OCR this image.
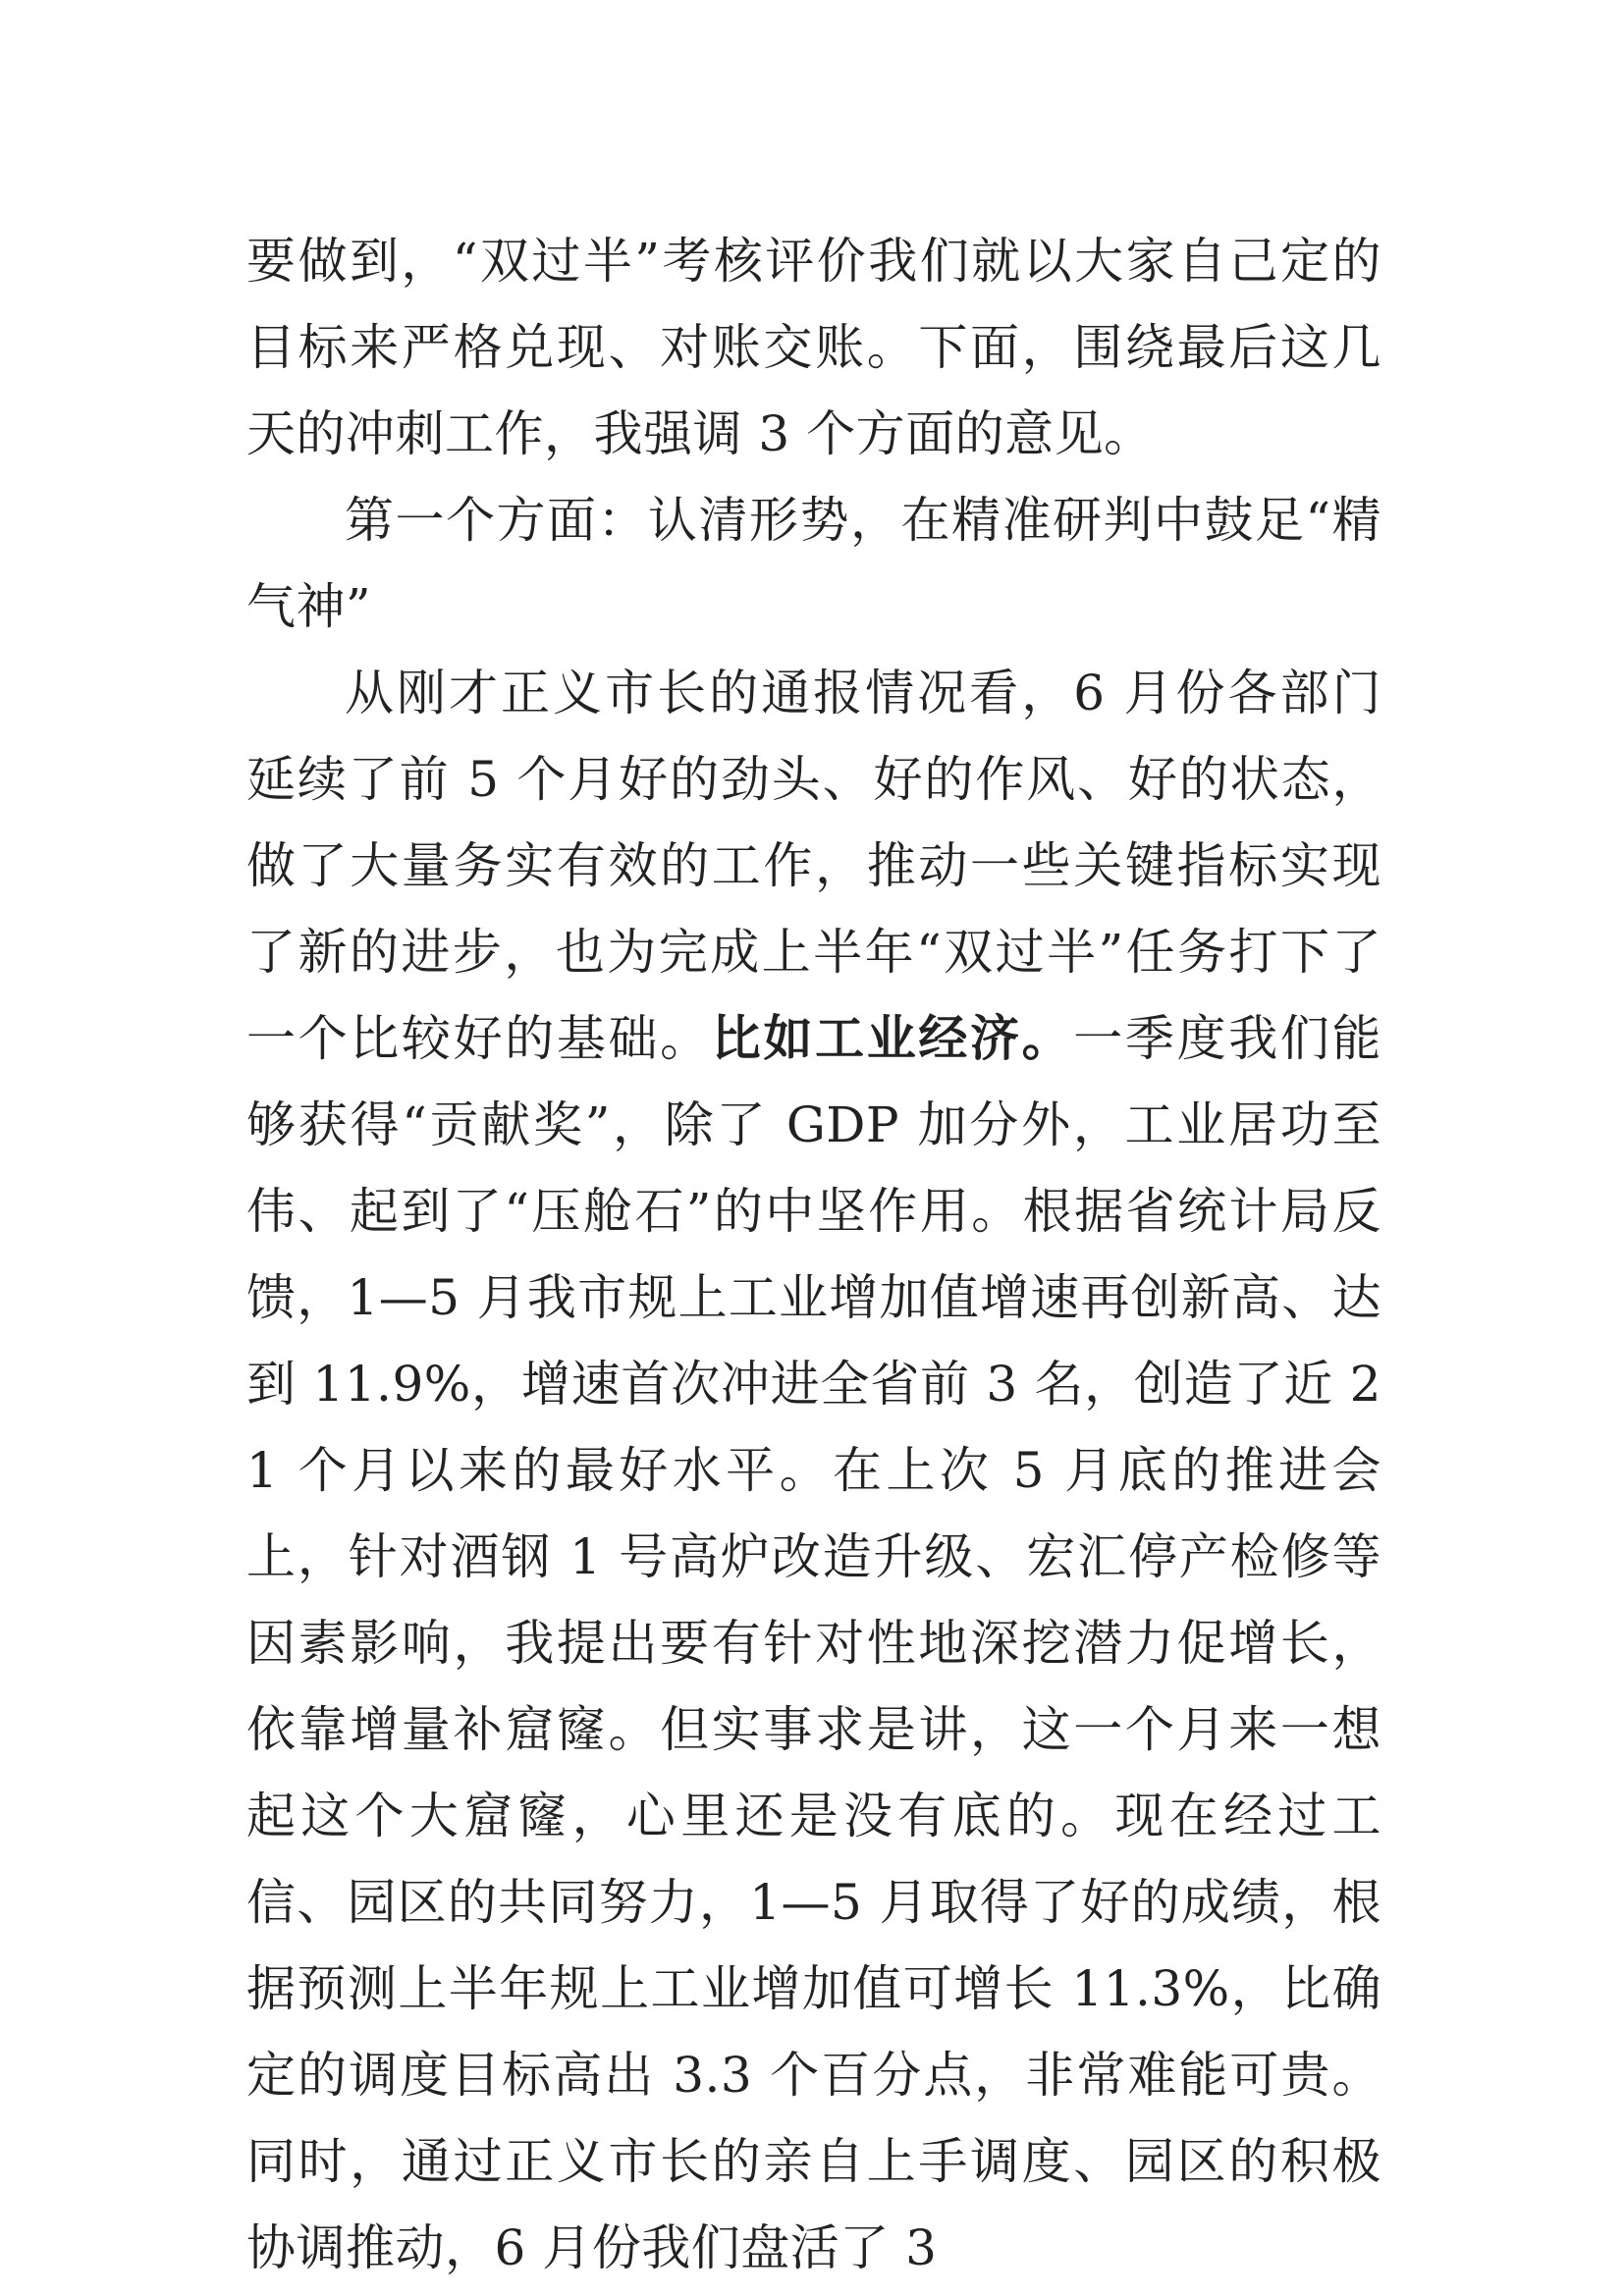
要做到，“双过半”考核评价我们就以大家自己定的目标来严格兑现、对账交账。下面，围绕最后这几天的冲刺工作，我强调 3 个方面的意见。

第一个方面：认清形势，在精准研判中鼓足“精气神”

从刚才正义市长的通报情况看，6 月份各部门延续了前 5 个月好的劲头、好的作风、好的状态，做了大量务实有效的工作，推动一些关键指标实现了新的进步，也为完成上半年“双过半”任务打下了一个比较好的基础。比如工业经济。一季度我们能够获得“贡献奖”，除了 GDP 加分外，工业居功至伟、起到了“压舱石”的中坚作用。根据省统计局反馈，1—5 月我市规上工业增加值增速再创新高、达到 11.9%，增速首次冲进全省前 3 名，创造了近 21 个月以来的最好水平。在上次 5 月底的推进会上，针对酒钢 1 号高炉改造升级、宏汇停产检修等因素影响，我提出要有针对性地深挖潜力促增长，依靠增量补窟窿。但实事求是讲，这一个月来一想起这个大窟窿，心里还是没有底的。现在经过工信、园区的共同努力，1—5 月取得了好的成绩，根据预测上半年规上工业增加值可增长 11.3%，比确定的调度目标高出 3.3 个百分点，非常难能可贵。同时，通过正义市长的亲自上手调度、园区的积极协调推动，6 月份我们盘活了 3
